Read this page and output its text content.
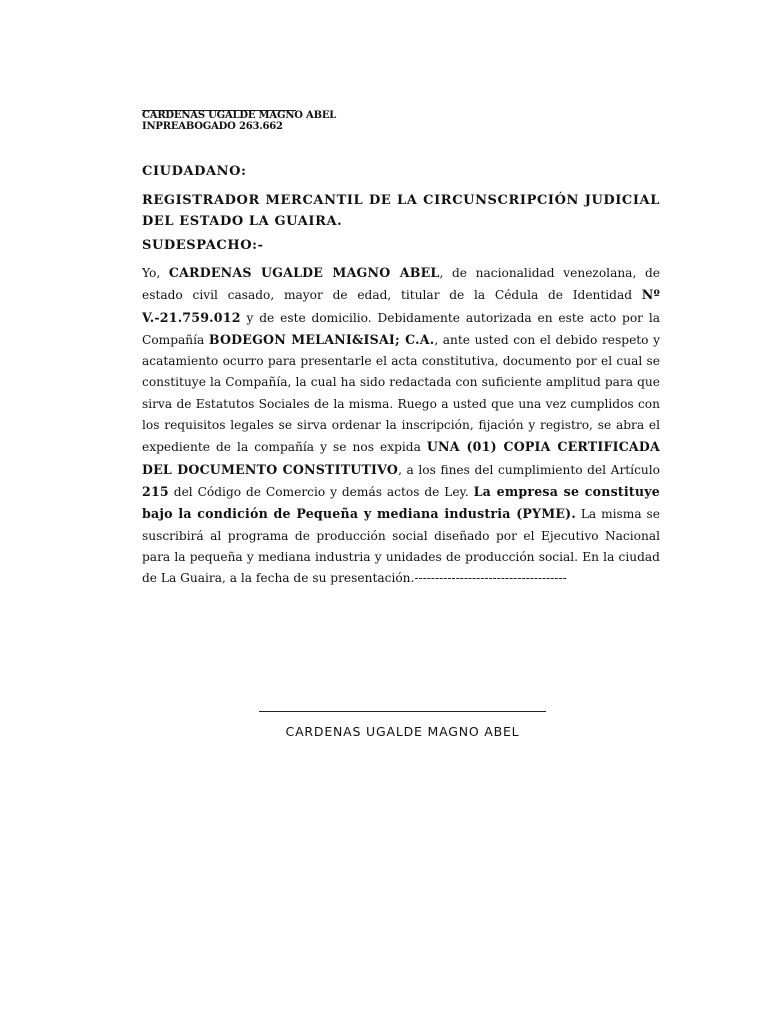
CARDENAS UGALDE MAGNO ABEL
INPREABOGADO 263.662
CIUDADANO:
REGISTRADOR MERCANTIL DE LA CIRCUNSCRIPCIÓN JUDICIAL DEL ESTADO LA GUAIRA.
SUDESPACHO:-
Yo, CARDENAS UGALDE MAGNO ABEL, de nacionalidad venezolana, de estado civil casado, mayor de edad, titular de la Cédula de Identidad Nº V.-21.759.012 y de este domicilio. Debidamente autorizada en este acto por la Compañía BODEGON MELANI&ISAI; C.A., ante usted con el debido respeto y acatamiento ocurro para presentarle el acta constitutiva, documento por el cual se constituye la Compañía, la cual ha sido redactada con suficiente amplitud para que sirva de Estatutos Sociales de la misma. Ruego a usted que una vez cumplidos con los requisitos legales se sirva ordenar la inscripción, fijación y registro, se abra el expediente de la compañía y se nos expida UNA (01) COPIA CERTIFICADA DEL DOCUMENTO CONSTITUTIVO, a los fines del cumplimiento del Artículo 215 del Código de Comercio y demás actos de Ley. La empresa se constituye bajo la condición de Pequeña y mediana industria (PYME). La misma se suscribirá al programa de producción social diseñado por el Ejecutivo Nacional para la pequeña y mediana industria y unidades de producción social. En la ciudad de La Guaira, a la fecha de su presentación.-------------------------------------
CARDENAS UGALDE MAGNO ABEL
